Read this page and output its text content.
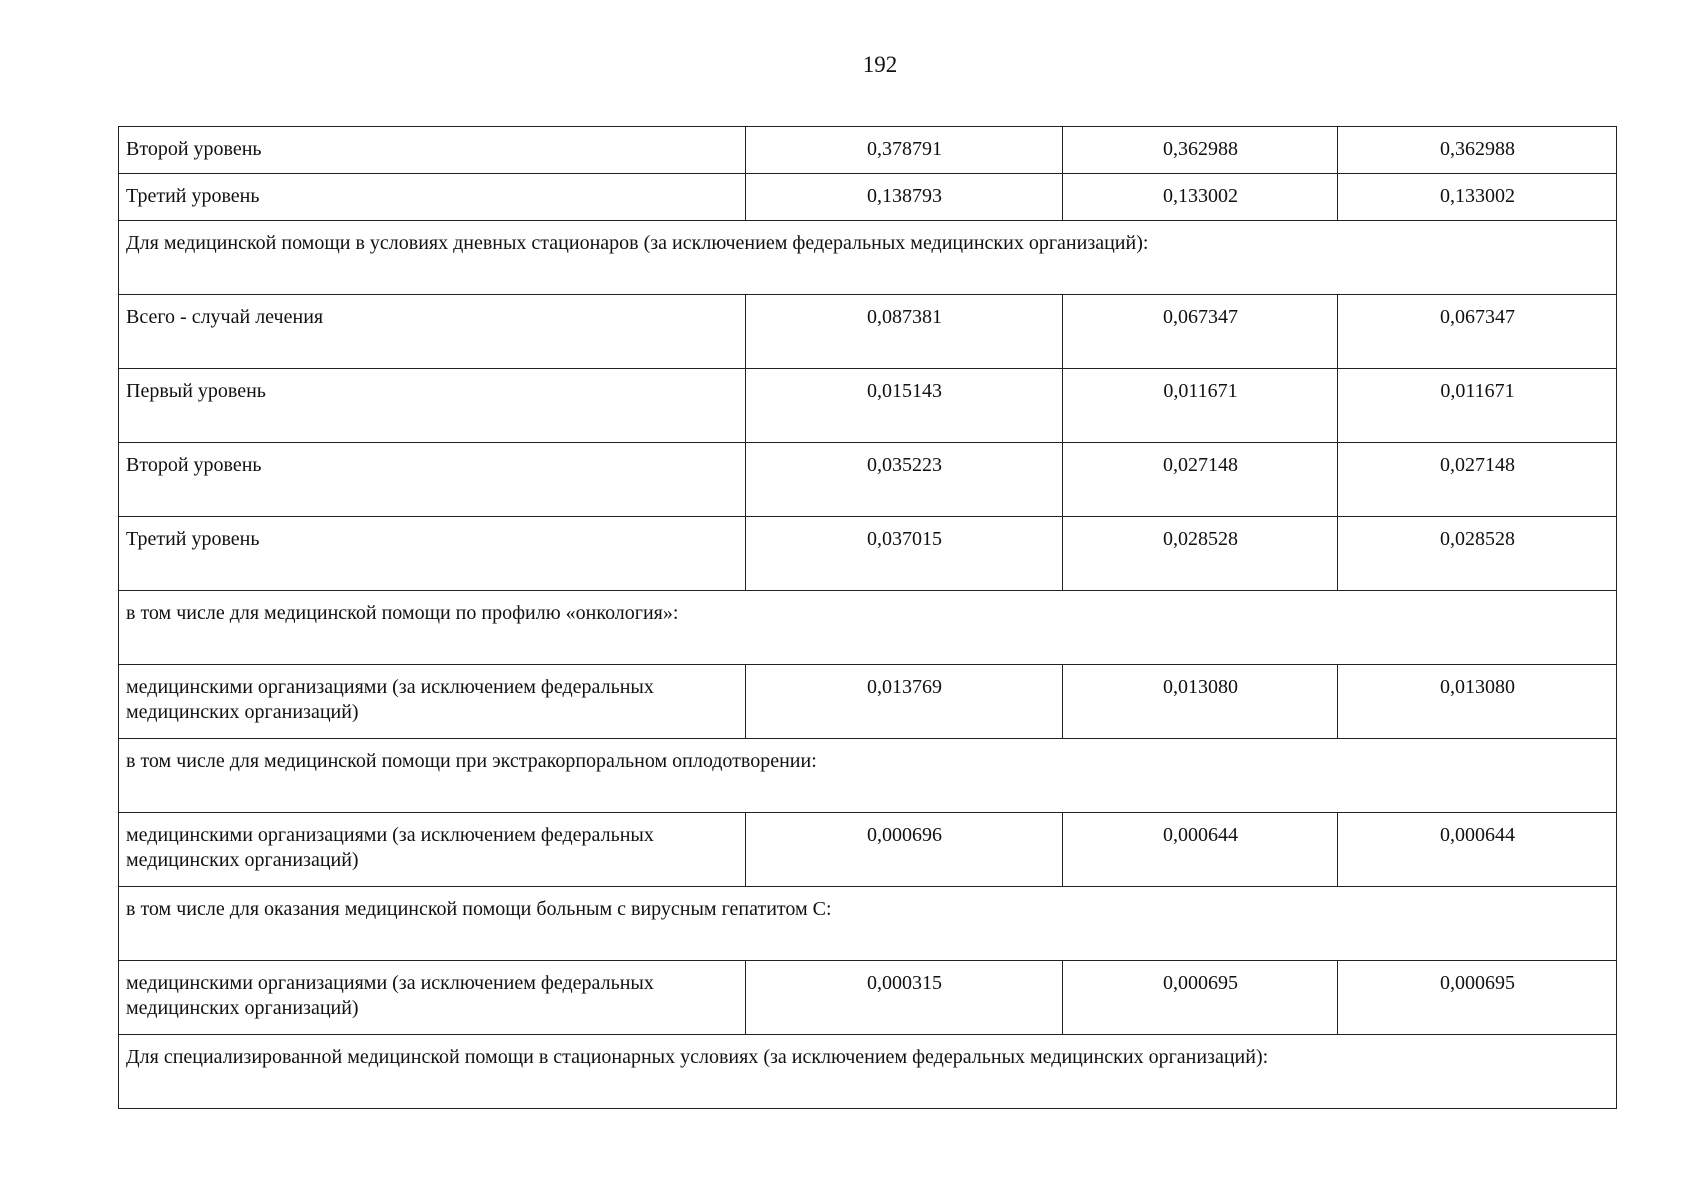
192
Второй уровень	0,378791	0,362988	0,362988
Третий уровень	0,138793	0,133002	0,133002
Для медицинской помощи в условиях дневных стационаров (за исключением федеральных медицинских организаций):			
Всего - случай лечения	0,087381	0,067347	0,067347
Первый уровень	0,015143	0,011671	0,011671
Второй уровень	0,035223	0,027148	0,027148
Третий уровень	0,037015	0,028528	0,028528
в том числе для медицинской помощи по профилю «онкология»:			
медицинскими организациями (за исключением федеральных медицинских организаций)	0,013769	0,013080	0,013080
в том числе для медицинской помощи при экстракорпоральном оплодотворении:			
медицинскими организациями (за исключением федеральных медицинских организаций)	0,000696	0,000644	0,000644
в том числе для оказания медицинской помощи больным с вирусным гепатитом С:			
медицинскими организациями (за исключением федеральных медицинских организаций)	0,000315	0,000695	0,000695
Для специализированной медицинской помощи в стационарных условиях (за исключением федеральных медицинских организаций):			
